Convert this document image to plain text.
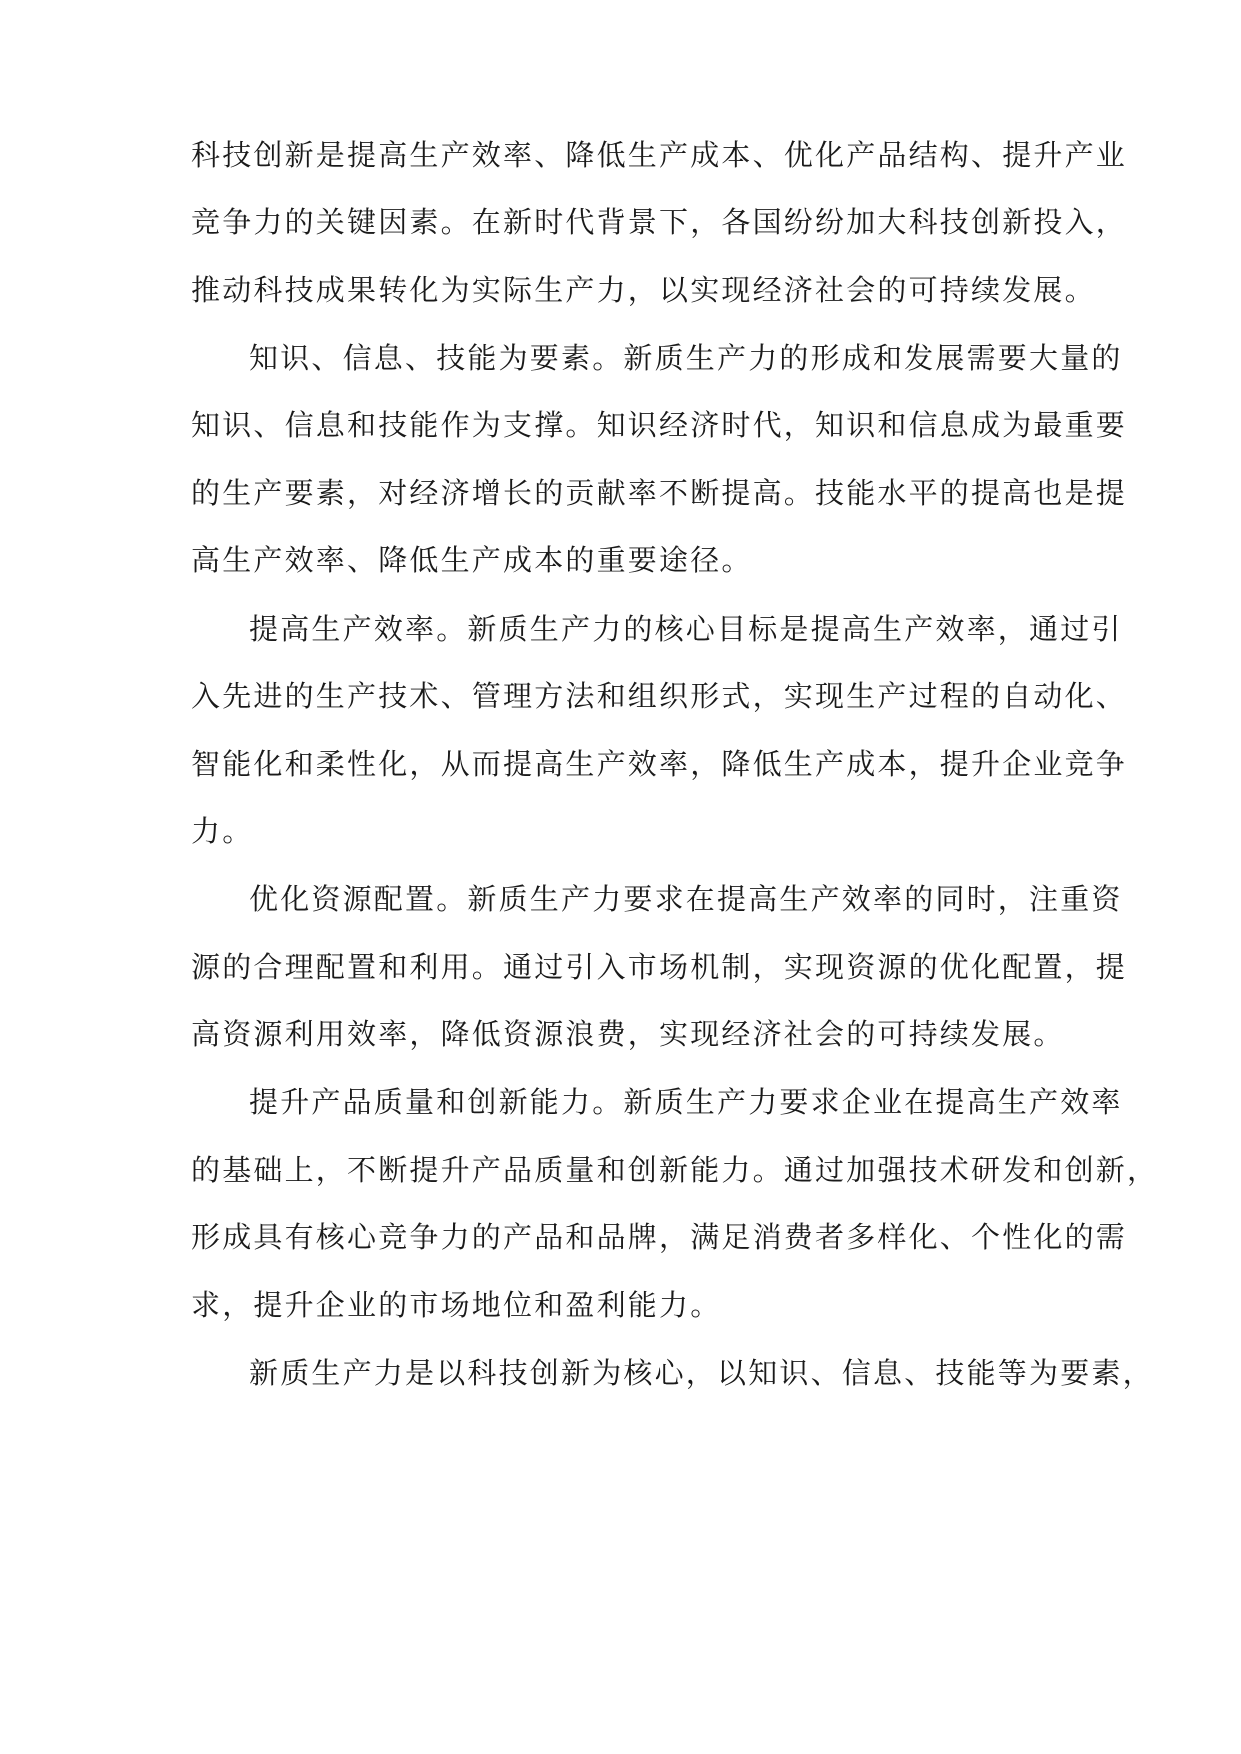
科技创新是提高生产效率、降低生产成本、优化产品结构、提升产业

竞争力的关键因素。在新时代背景下，各国纷纷加大科技创新投入，

推动科技成果转化为实际生产力，以实现经济社会的可持续发展。

知识、信息、技能为要素。新质生产力的形成和发展需要大量的

知识、信息和技能作为支撑。知识经济时代，知识和信息成为最重要

的生产要素，对经济增长的贡献率不断提高。技能水平的提高也是提

高生产效率、降低生产成本的重要途径。

提高生产效率。新质生产力的核心目标是提高生产效率，通过引

入先进的生产技术、管理方法和组织形式，实现生产过程的自动化、

智能化和柔性化，从而提高生产效率，降低生产成本，提升企业竞争

力。

优化资源配置。新质生产力要求在提高生产效率的同时，注重资

源的合理配置和利用。通过引入市场机制，实现资源的优化配置，提

高资源利用效率，降低资源浪费，实现经济社会的可持续发展。

提升产品质量和创新能力。新质生产力要求企业在提高生产效率

的基础上，不断提升产品质量和创新能力。通过加强技术研发和创新，

形成具有核心竞争力的产品和品牌，满足消费者多样化、个性化的需

求，提升企业的市场地位和盈利能力。

新质生产力是以科技创新为核心，以知识、信息、技能等为要素，
